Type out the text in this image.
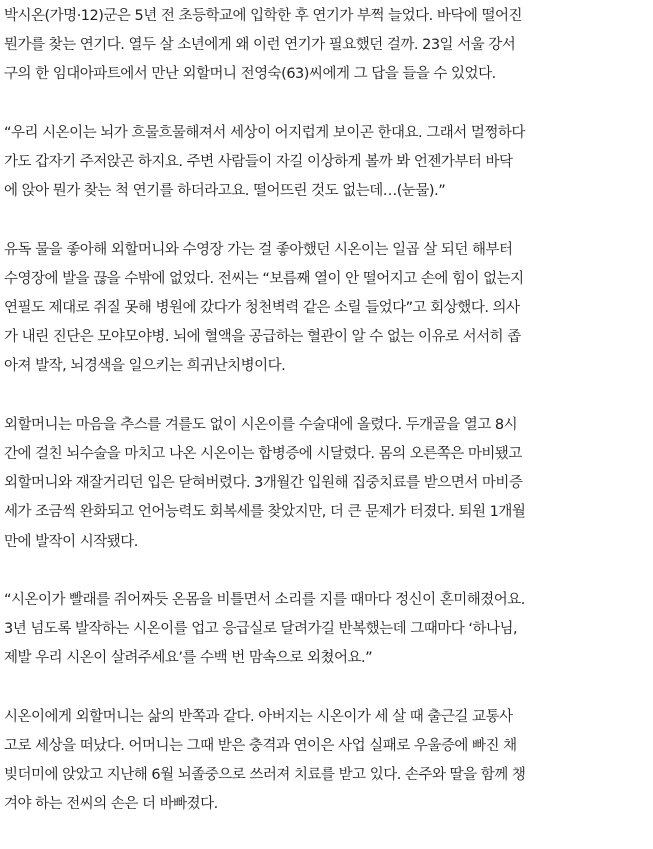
박시온(가명·12)군은 5년 전 초등학교에 입학한 후 연기가 부쩍 늘었다. 바닥에 떨어진
뭔가를 찾는 연기다. 열두 살 소년에게 왜 이런 연기가 필요했던 걸까. 23일 서울 강서
구의 한 임대아파트에서 만난 외할머니 전영숙(63)씨에게 그 답을 들을 수 있었다.

“우리 시온이는 뇌가 흐물흐물해져서 세상이 어지럽게 보이곤 한대요. 그래서 멀쩡하다
가도 갑자기 주저앉곤 하지요. 주변 사람들이 자길 이상하게 볼까 봐 언젠가부터 바닥
에 앉아 뭔가 찾는 척 연기를 하더라고요. 떨어뜨린 것도 없는데…(눈물).”

유독 물을 좋아해 외할머니와 수영장 가는 걸 좋아했던 시온이는 일곱 살 되던 해부터
수영장에 발을 끊을 수밖에 없었다. 전씨는 “보름째 열이 안 떨어지고 손에 힘이 없는지
연필도 제대로 쥐질 못해 병원에 갔다가 청천벽력 같은 소릴 들었다”고 회상했다. 의사
가 내린 진단은 모야모야병. 뇌에 혈액을 공급하는 혈관이 알 수 없는 이유로 서서히 좁
아져 발작, 뇌경색을 일으키는 희귀난치병이다.

외할머니는 마음을 추스를 겨를도 없이 시온이를 수술대에 올렸다. 두개골을 열고 8시
간에 걸친 뇌수술을 마치고 나온 시온이는 합병증에 시달렸다. 몸의 오른쪽은 마비됐고
외할머니와 재잘거리던 입은 닫혀버렸다. 3개월간 입원해 집중치료를 받으면서 마비증
세가 조금씩 완화되고 언어능력도 회복세를 찾았지만, 더 큰 문제가 터졌다. 퇴원 1개월
만에 발작이 시작됐다.

“시온이가 빨래를 쥐어짜듯 온몸을 비틀면서 소리를 지를 때마다 정신이 혼미해졌어요.
3년 넘도록 발작하는 시온이를 업고 응급실로 달려가길 반복했는데 그때마다 ‘하나님,
제발 우리 시온이 살려주세요’를 수백 번 맘속으로 외쳤어요.”

시온이에게 외할머니는 삶의 반쪽과 같다. 아버지는 시온이가 세 살 때 출근길 교통사
고로 세상을 떠났다. 어머니는 그때 받은 충격과 연이은 사업 실패로 우울증에 빠진 채
빚더미에 앉았고 지난해 6월 뇌졸중으로 쓰러져 치료를 받고 있다. 손주와 딸을 함께 챙
겨야 하는 전씨의 손은 더 바빠졌다.
